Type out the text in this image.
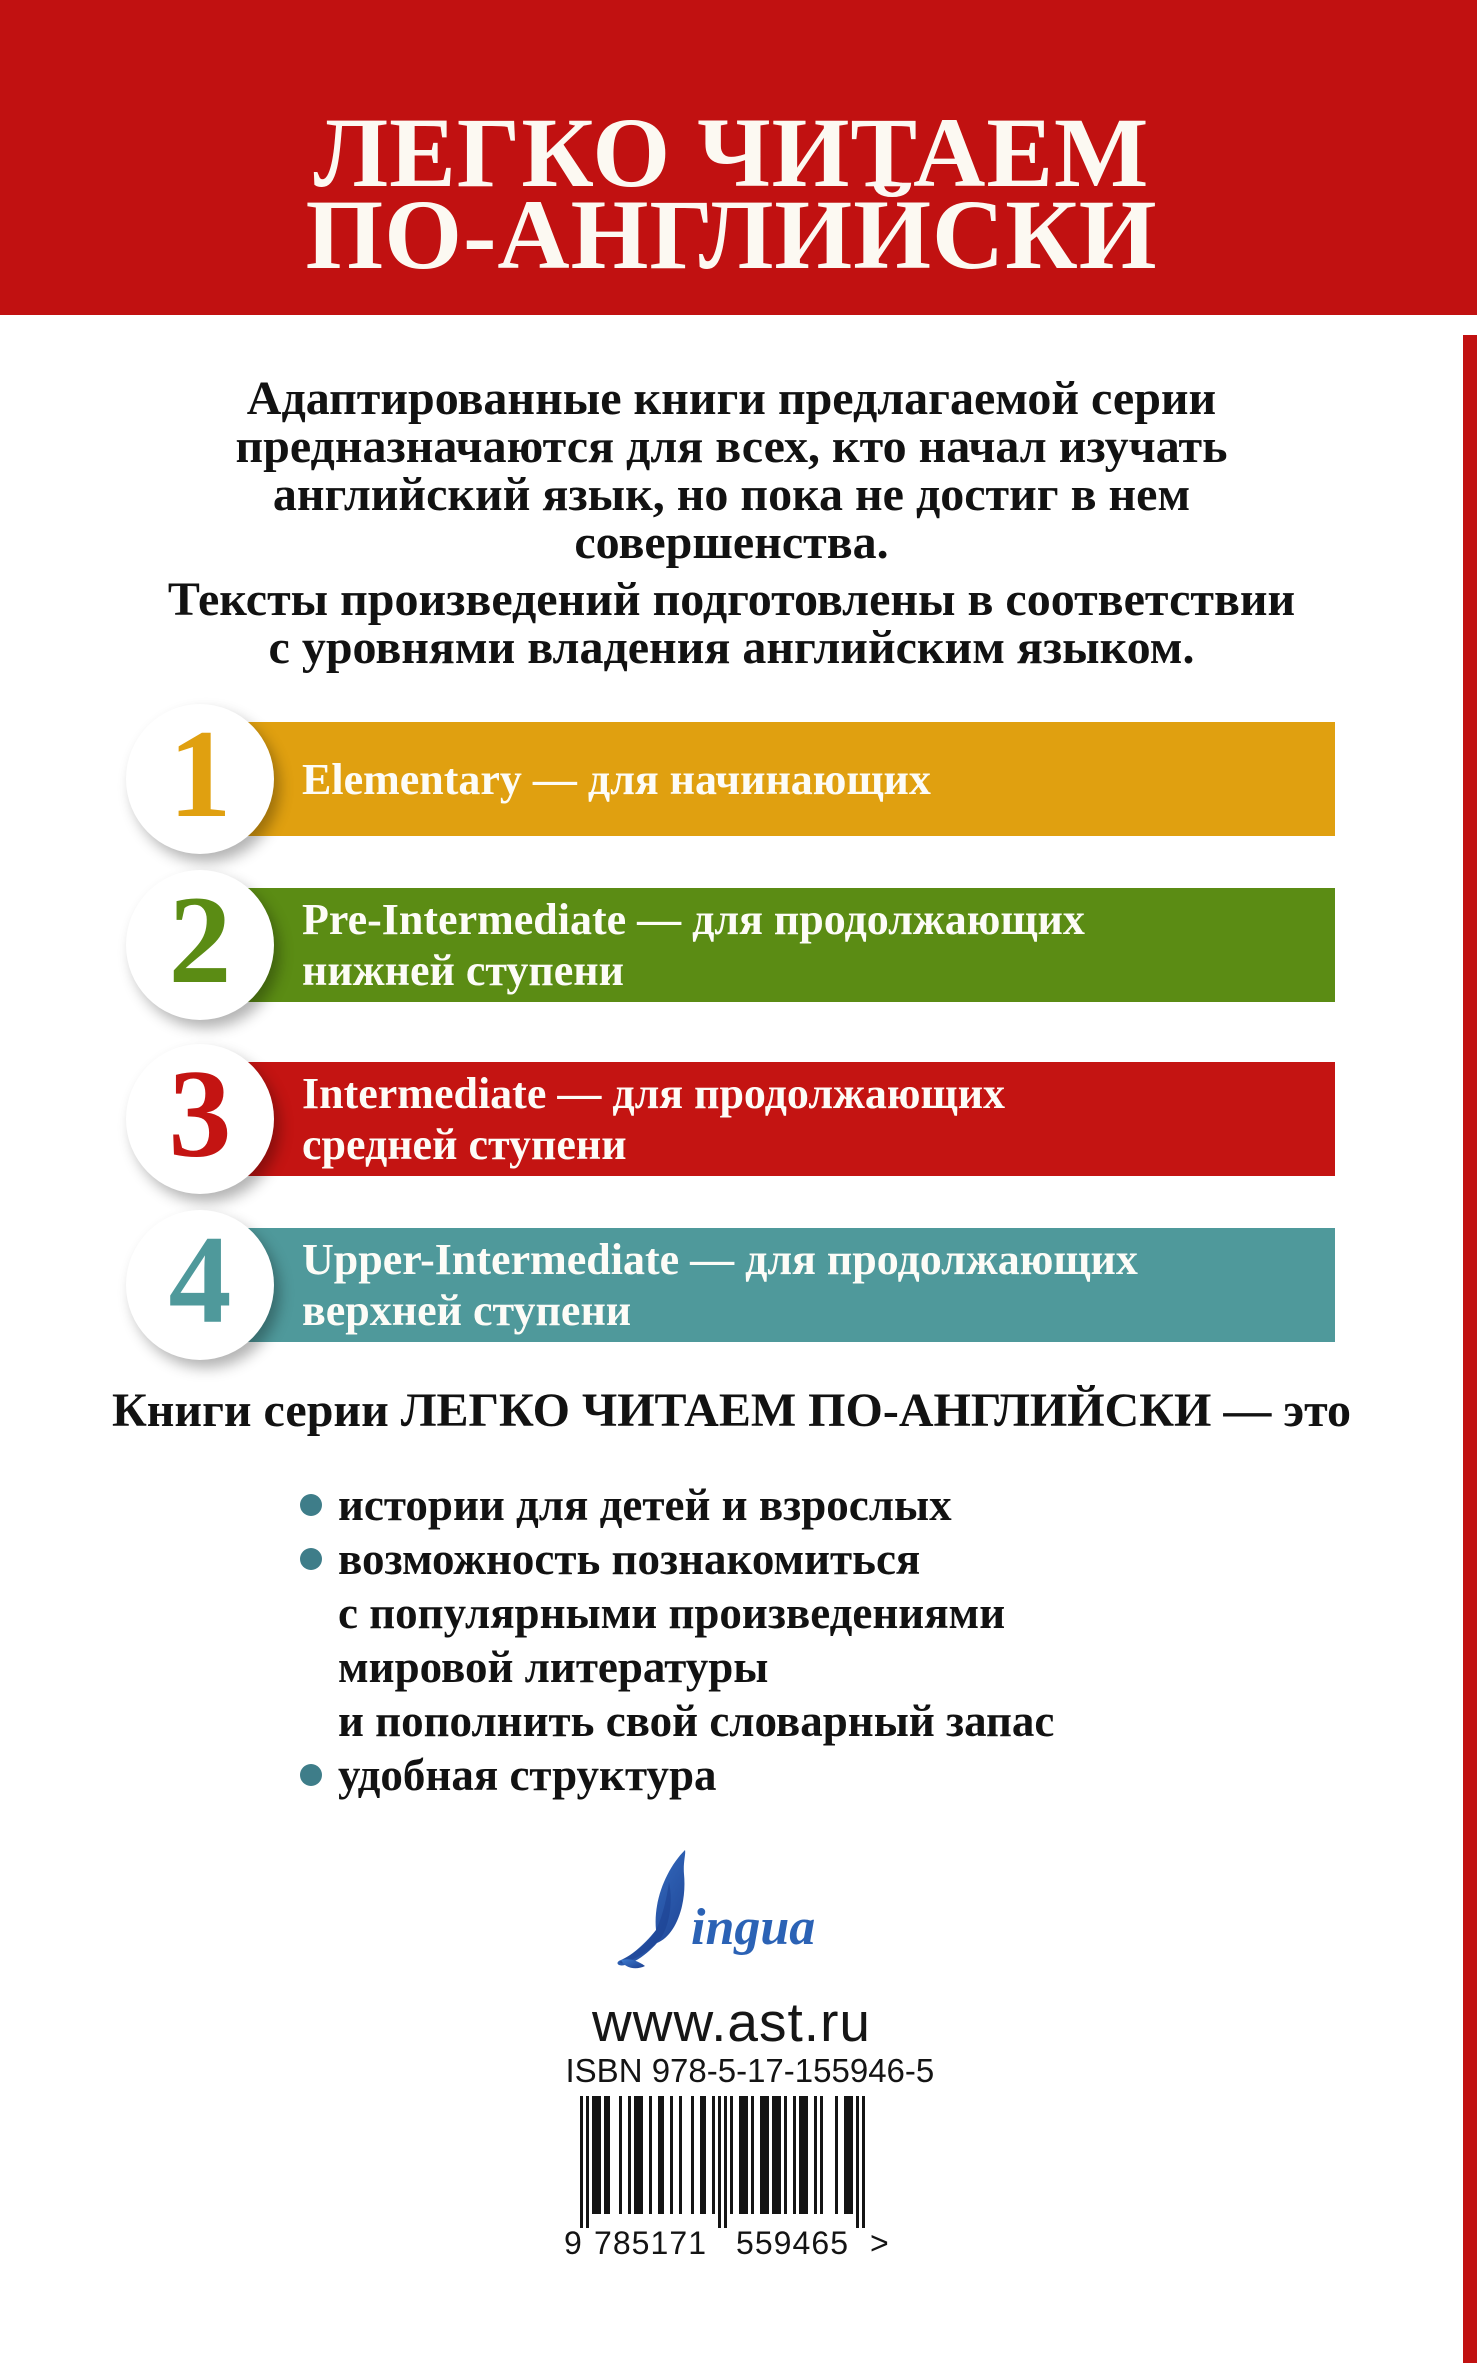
ЛЕГКО ЧИТАЕМ
ПО-АНГЛИЙСКИ
Адаптированные книги предлагаемой серии
предназначаются для всех, кто начал изучать
английский язык, но пока не достиг в нем
совершенства.
Тексты произведений подготовлены в соответствии
с уровнями владения английским языком.
Elementary — для начинающих
1
Pre-Intermediate — для продолжающих
нижней ступени
2
Intermediate — для продолжающих
средней ступени
3
Upper-Intermediate — для продолжающих
верхней ступени
4
Книги серии ЛЕГКО ЧИТАЕМ ПО-АНГЛИЙСКИ — это
истории для детей и взрослых
возможность познакомиться
с популярными произведениями
мировой литературы
и пополнить свой словарный запас
удобная структура
ingua
www.ast.ru
ISBN 978-5-17-155946-5
9 785171 559465 >
